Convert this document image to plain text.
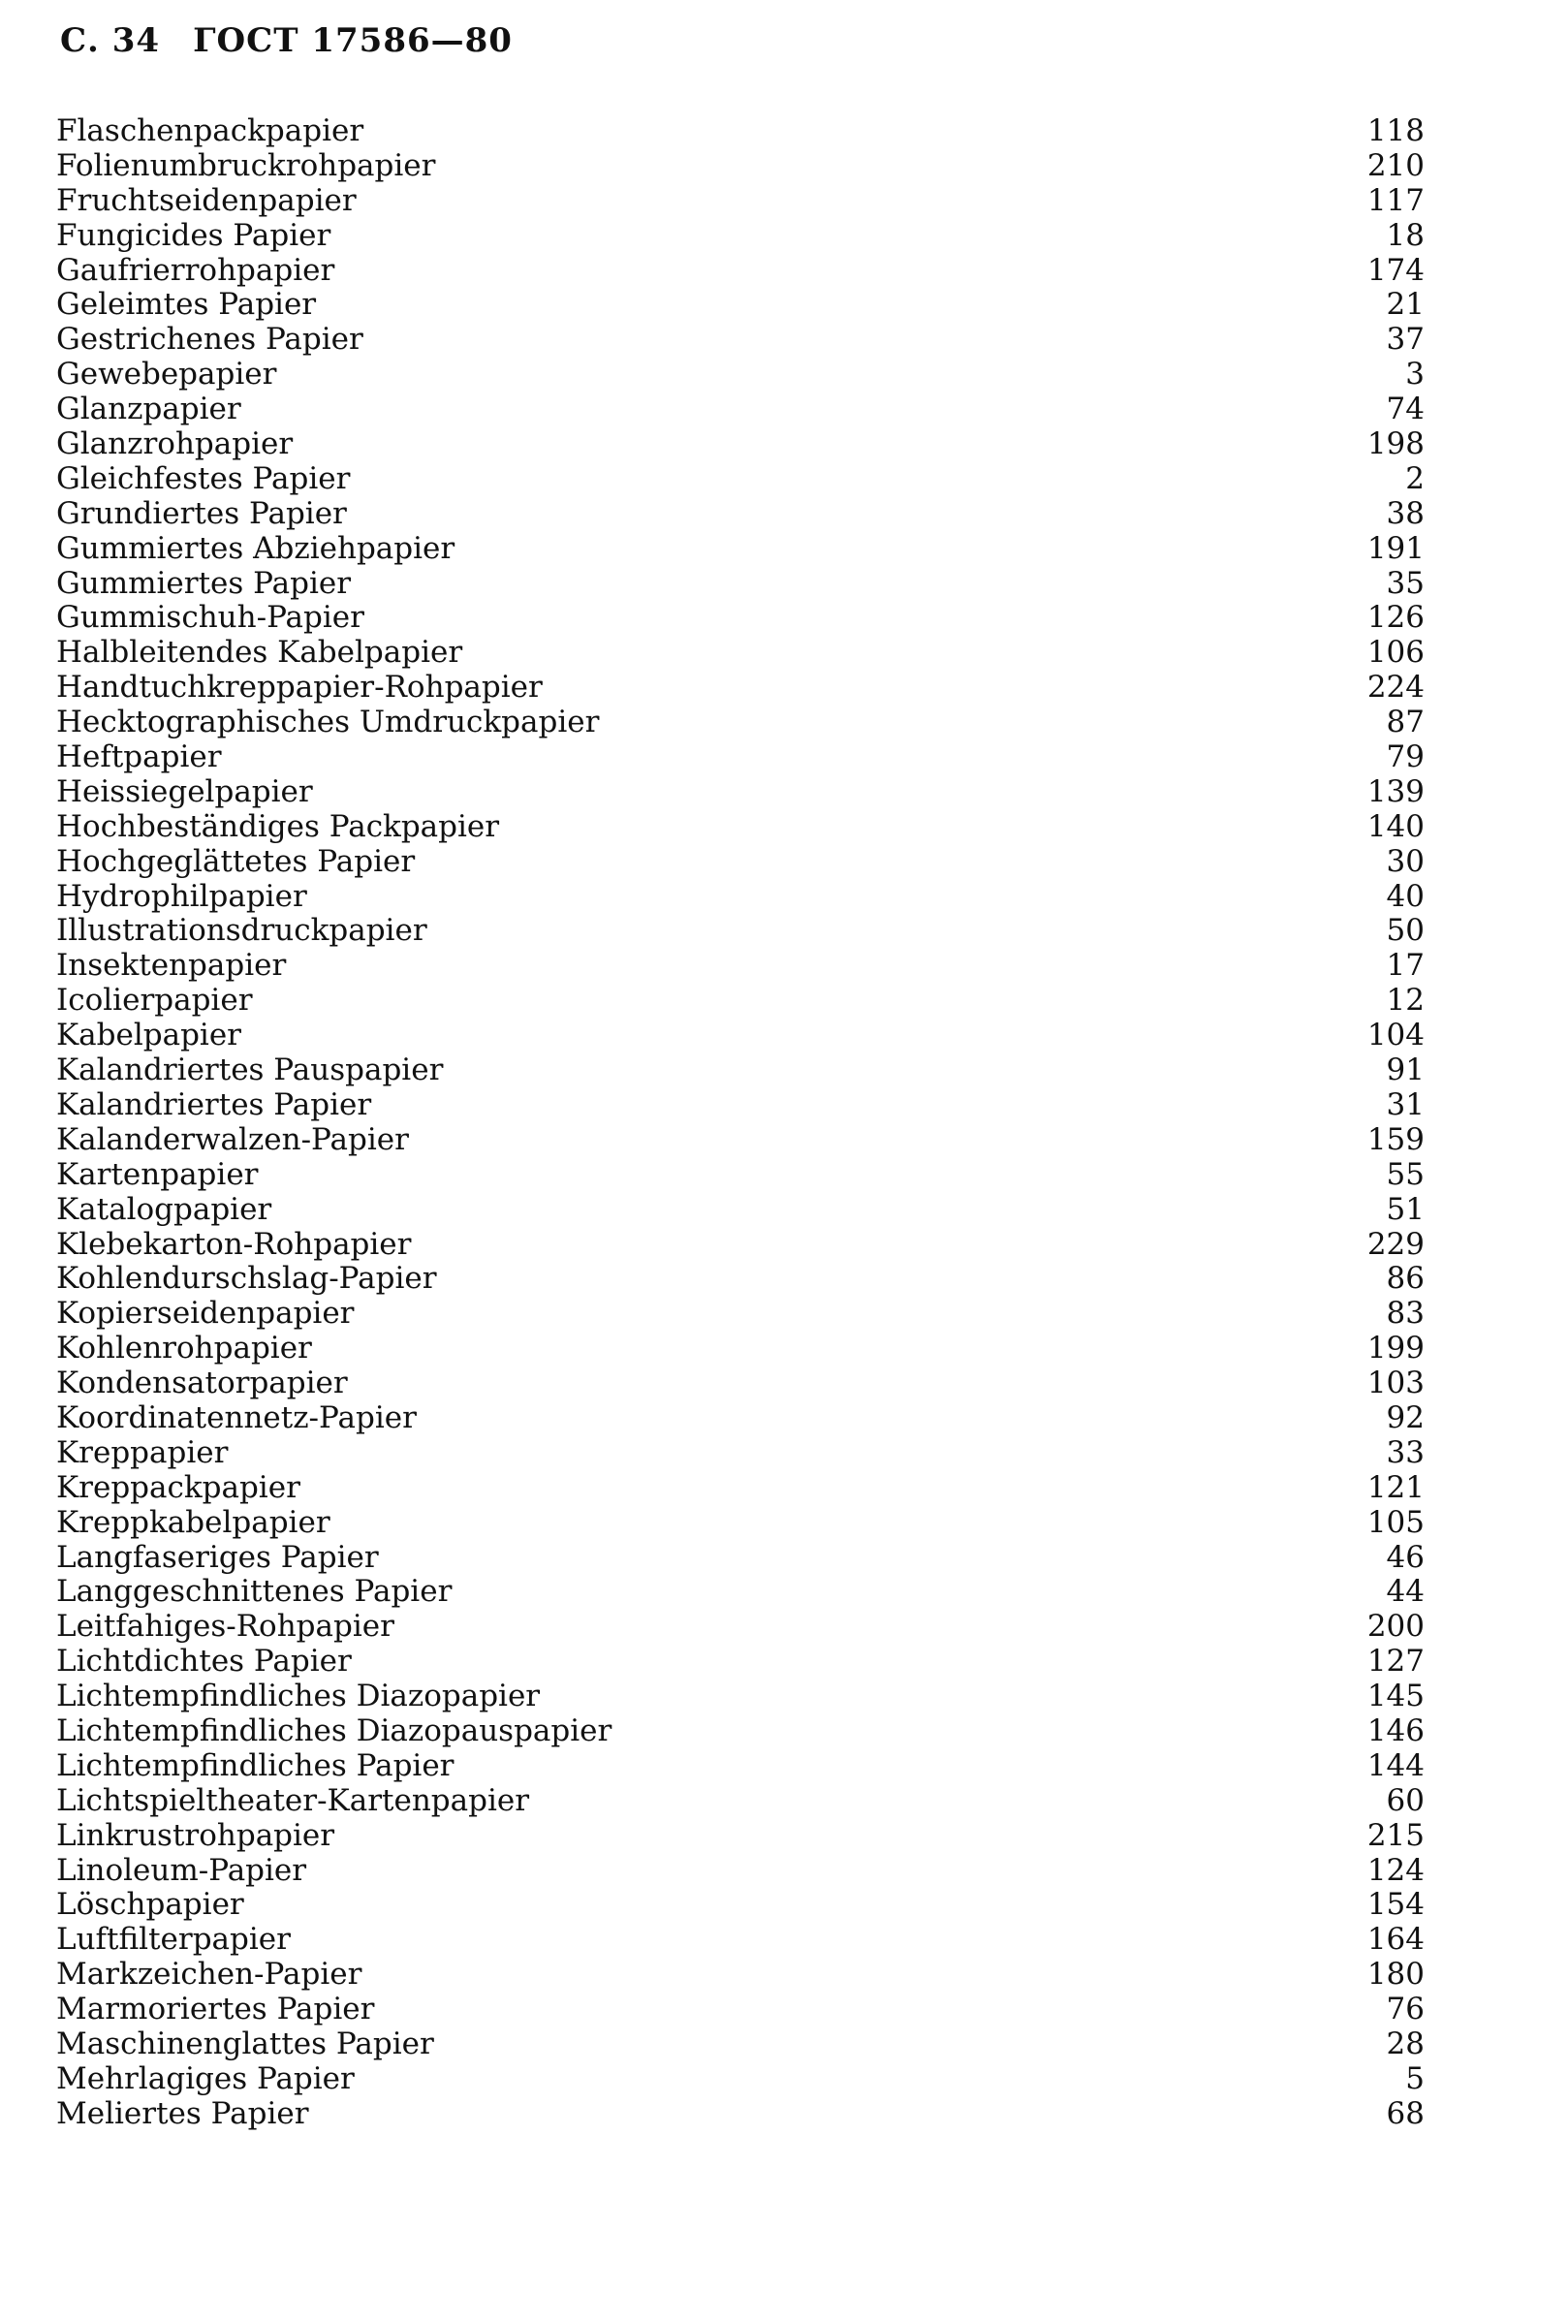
С. 34 ГОСТ 17586—80
Flaschenpackpapier	118
Folienumbruckrohpapier	210
Fruchtseidenpapier	117
Fungicides Papier	18
Gaufrierrohpapier	174
Geleimtes Papier	21
Gestrichenes Papier	37
Gewebepapier	3
Glanzpapier	74
Glanzrohpapier	198
Gleichfestes Papier	2
Grundiertes Papier	38
Gummiertes Abziehpapier	191
Gummiertes Papier	35
Gummischuh-Papier	126
Halbleitendes Kabelpapier	106
Handtuchkreppapier-Rohpapier	224
Hecktographisches Umdruckpapier	87
Heftpapier	79
Heissiegelpapier	139
Hochbeständiges Packpapier	140
Hochgeglättetes Papier	30
Hydrophilpapier	40
Illustrationsdruckpapier	50
Insektenpapier	17
Icolierpapier	12
Kabelpapier	104
Kalandriertes Pauspapier	91
Kalandriertes Papier	31
Kalanderwalzen-Papier	159
Kartenpapier	55
Katalogpapier	51
Klebekarton-Rohpapier	229
Kohlendurschslag-Papier	86
Kopierseidenpapier	83
Kohlenrohpapier	199
Kondensatorpapier	103
Koordinatennetz-Papier	92
Kreppapier	33
Kreppackpapier	121
Kreppkabelpapier	105
Langfaseriges Papier	46
Langgeschnittenes Papier	44
Leitfahiges-Rohpapier	200
Lichtdichtes Papier	127
Lichtempfindliches Diazopapier	145
Lichtempfindliches Diazopauspapier	146
Lichtempfindliches Papier	144
Lichtspieltheater-Kartenpapier	60
Linkrustrohpapier	215
Linoleum-Papier	124
Löschpapier	154
Luftfilterpapier	164
Markzeichen-Papier	180
Marmoriertes Papier	76
Maschinenglattes Papier	28
Mehrlagiges Papier	5
Meliertes Papier	68
